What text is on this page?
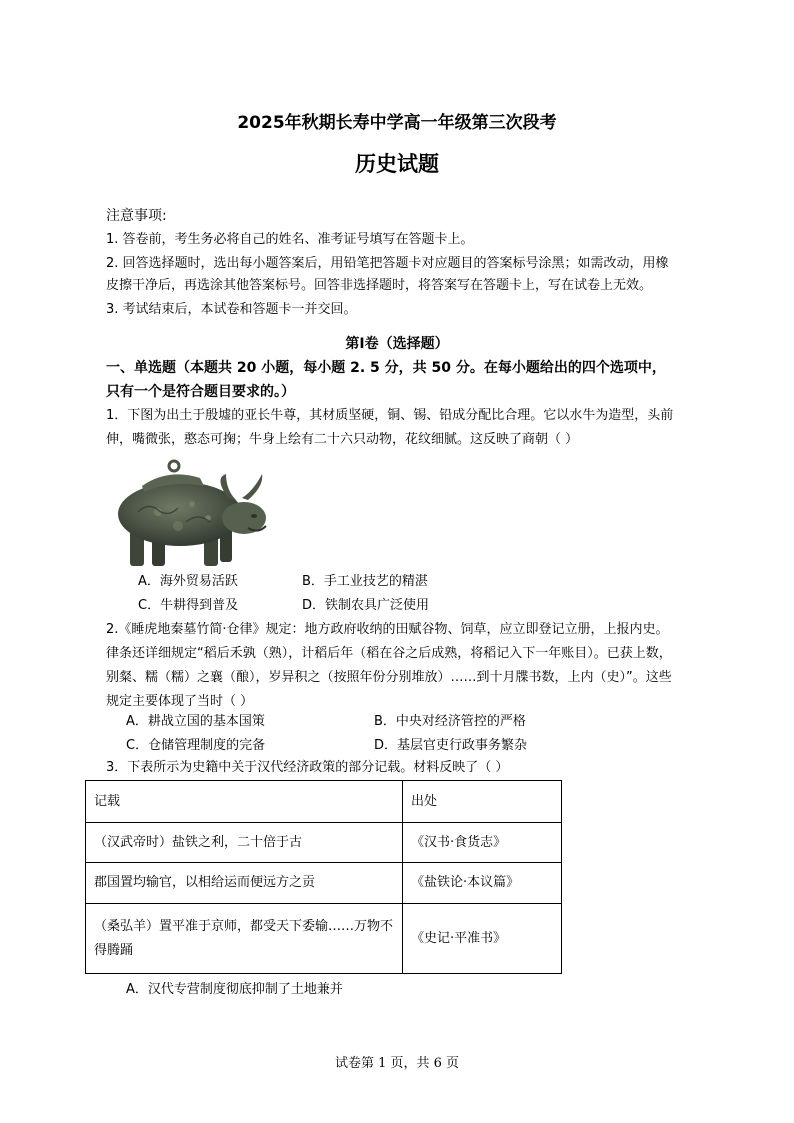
2025年秋期长寿中学高一年级第三次段考
历史试题
注意事项:
1. 答卷前，考生务必将自己的姓名、准考证号填写在答题卡上。
2. 回答选择题时，选出每小题答案后，用铅笔把答题卡对应题目的答案标号涂黑；如需改动，用橡
皮擦干净后，再选涂其他答案标号。回答非选择题时，将答案写在答题卡上，写在试卷上无效。
3. 考试结束后，本试卷和答题卡一并交回。
第Ⅰ卷（选择题）
一、单选题（本题共 20 小题，每小题 2. 5 分，共 50 分。在每小题给出的四个选项中，
只有一个是符合题目要求的。）
1．下图为出土于殷墟的亚长牛尊，其材质坚硬，铜、锡、铅成分配比合理。它以水牛为造型，头前
伸，嘴微张，憨态可掬；牛身上绘有二十六只动物，花纹细腻。这反映了商朝（ ）
A．海外贸易活跃	B．手工业技艺的精湛
C．牛耕得到普及	D．铁制农具广泛使用
2.《睡虎地秦墓竹简·仓律》规定：地方政府收纳的田赋谷物、饲草，应立即登记立册，上报内史。
律条还详细规定“稻后禾孰（熟），计稻后年（稻在谷之后成熟，将稻记入下一年账目）。已获上数，
别粲、糯（糯）之襄（酿），岁异积之（按照年份分别堆放）……到十月牒书数，上内（史）”。这些
规定主要体现了当时（ ）
A．耕战立国的基本国策	B．中央对经济管控的严格
C．仓储管理制度的完备	D．基层官吏行政事务繁杂
3．下表所示为史籍中关于汉代经济政策的部分记载。材料反映了（ ）
记载	出处
（汉武帝时）盐铁之利，二十倍于古	《汉书·食货志》
郡国置均输官，以相给运而便远方之贡	《盐铁论·本议篇》
（桑弘羊）置平准于京师，都受天下委输……万物不得腾踊	《史记·平准书》
A．汉代专营制度彻底抑制了土地兼并
试卷第 1 页，共 6 页
